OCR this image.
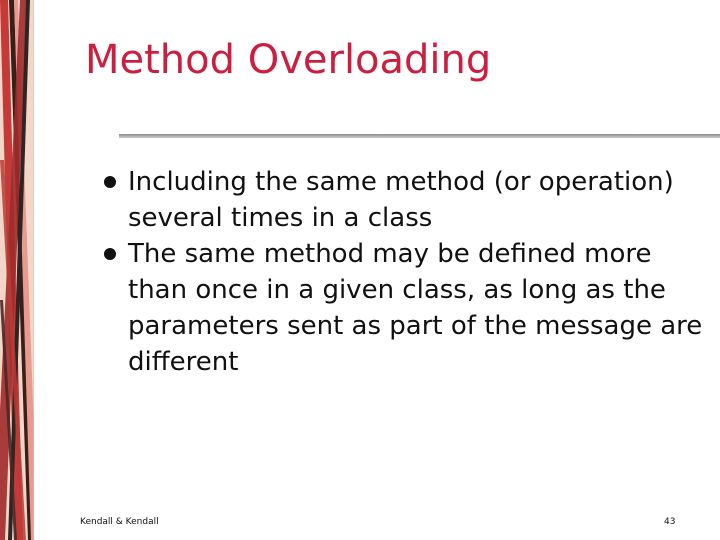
Method Overloading
Including the same method (or operation) several times in a class
The same method may be defined more than once in a given class, as long as the parameters sent as part of the message are different
Kendall & Kendall	43
